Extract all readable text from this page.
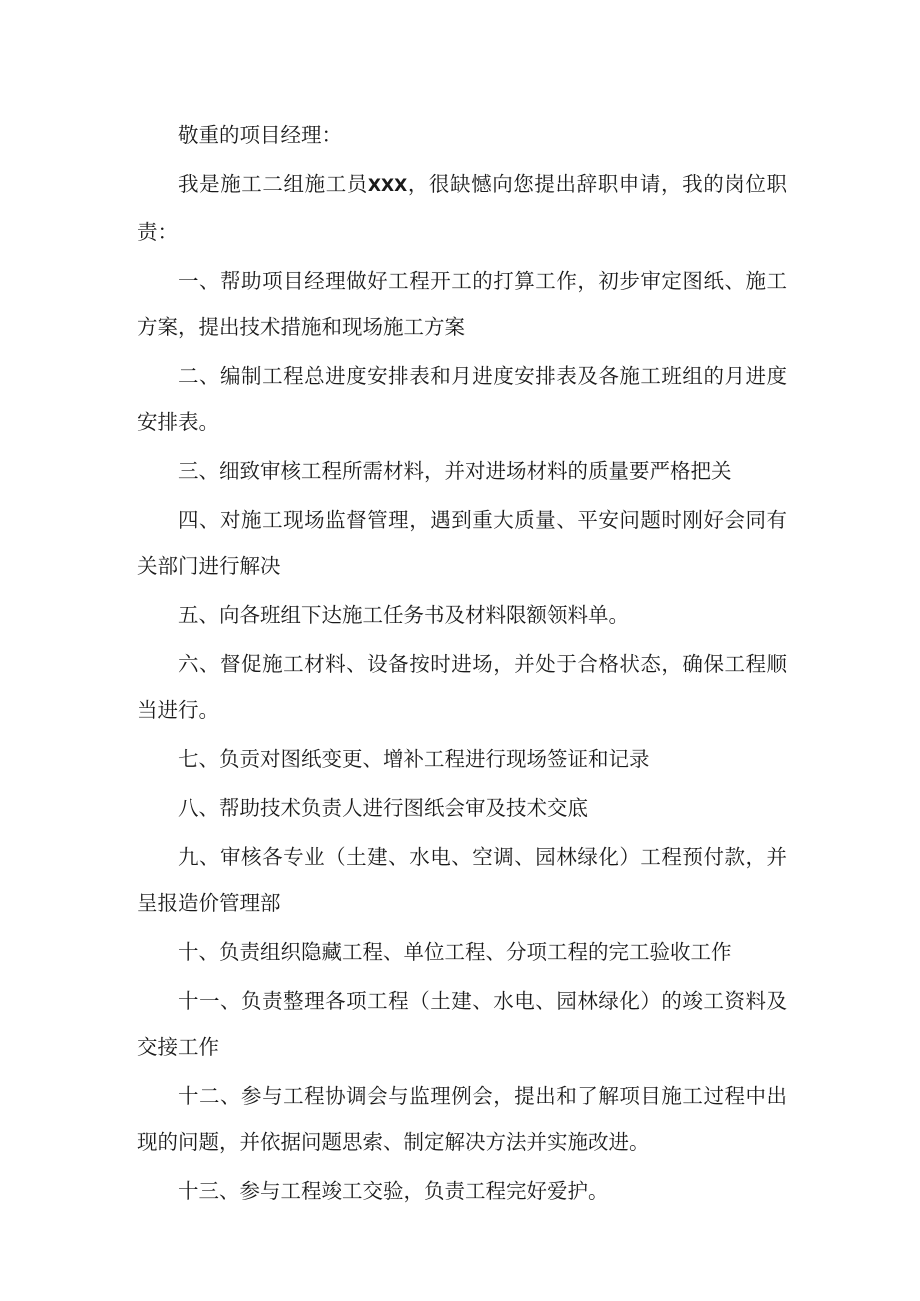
敬重的项目经理：

我是施工二组施工员XXX，很缺憾向您提出辞职申请，我的岗位职责：

一、帮助项目经理做好工程开工的打算工作，初步审定图纸、施工方案，提出技术措施和现场施工方案

二、编制工程总进度安排表和月进度安排表及各施工班组的月进度安排表。

三、细致审核工程所需材料，并对进场材料的质量要严格把关

四、对施工现场监督管理，遇到重大质量、平安问题时刚好会同有关部门进行解决

五、向各班组下达施工任务书及材料限额领料单。

六、督促施工材料、设备按时进场，并处于合格状态，确保工程顺当进行。

七、负贡对图纸变更、增补工程进行现场签证和记录

八、帮助技术负责人进行图纸会审及技术交底

九、审核各专业（土建、水电、空调、园林绿化）工程预付款，并呈报造价管理部

十、负责组织隐藏工程、单位工程、分项工程的完工验收工作

十一、负责整理各项工程（土建、水电、园林绿化）的竣工资料及交接工作

十二、参与工程协调会与监理例会，提出和了解项目施工过程中出现的问题，并依据问题思索、制定解决方法并实施改进。

十三、参与工程竣工交验，负责工程完好爱护。
